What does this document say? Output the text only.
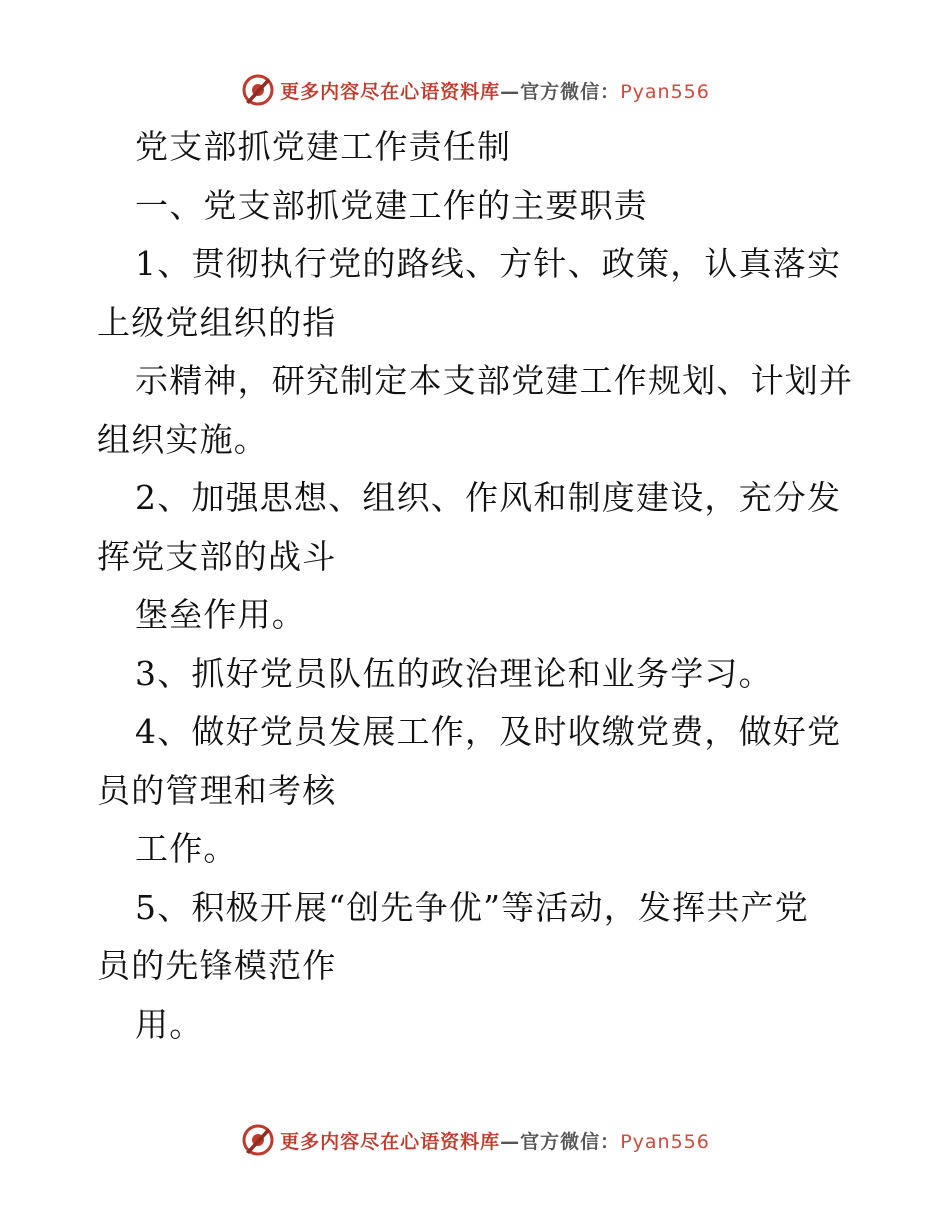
更多内容尽在心语资料库—官方微信：Pyan556
党支部抓党建工作责任制
一、党支部抓党建工作的主要职责
1、贯彻执行党的路线、方针、政策，认真落实
上级党组织的指
示精神，研究制定本支部党建工作规划、计划并
组织实施。
2、加强思想、组织、作风和制度建设，充分发
挥党支部的战斗
堡垒作用。
3、抓好党员队伍的政治理论和业务学习。
4、做好党员发展工作，及时收缴党费，做好党
员的管理和考核
工作。
5、积极开展“创先争优”等活动，发挥共产党
员的先锋模范作
用。
更多内容尽在心语资料库—官方微信：Pyan556
